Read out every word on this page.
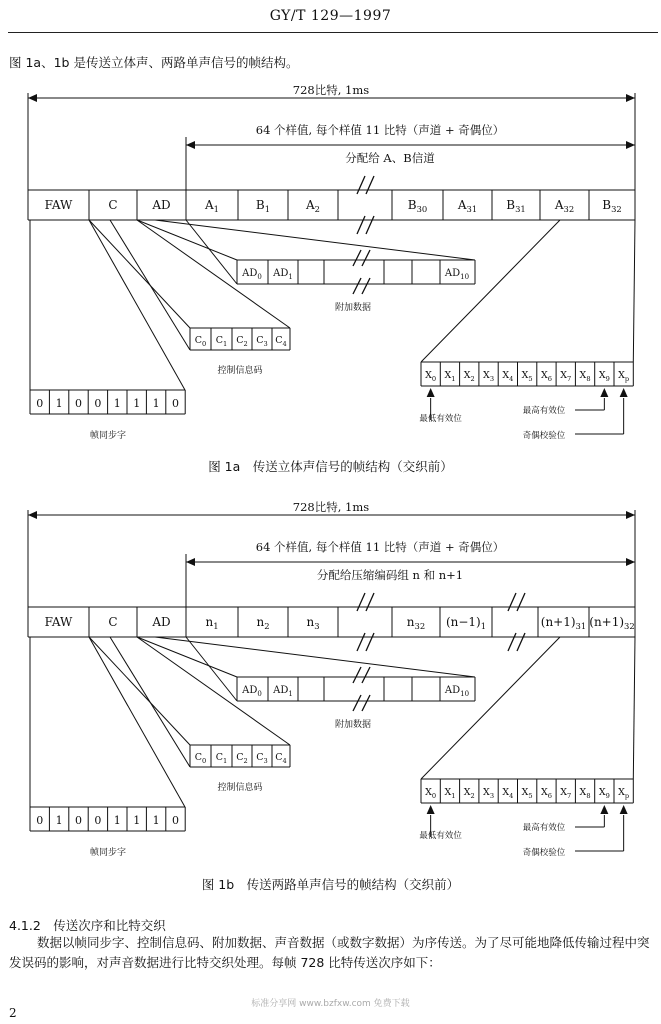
GY/T 129—1997
图 1a、1b 是传送立体声、两路单声信号的帧结构。
728比特, 1ms
64 个样值, 每个样值 11 比特（声道 + 奇偶位）
分配给 A、B信道
FAW	C	AD	$A_1$	$B_1$	$A_2$	$B_{30}$	$A_{31}$ $B_{31}$ $A_{32}$ $B_{32}$
$AD_0$ $AD_1$	$AD_{10}$
附加数据
$C_0$ $C_1$ $C_2$ $C_3$ $C_4$
控制信息码
0 1 0 0 1 1 1 0
帧同步字
$X_0$ $X_1$ $X_2$ $X_3$ $X_4$ $X_5$ $X_6$ $X_7$ $X_8$ $X_9$ $X_p$
最低有效位
最高有效位
奇偶校验位
图 1a　传送立体声信号的帧结构（交织前）
728比特, 1ms
64 个样值, 每个样值 11 比特（声道 + 奇偶位）
分配给压缩编码组 n 和 n+1
FAW	C	AD	$n_1$	$n_2$	$n_3$	$n_{32}$ $(n-1)_1$	$(n+1)_{31}$ $(n+1)_{32}$
$AD_0$ $AD_1$	$AD_{10}$
附加数据
$C_0$ $C_1$ $C_2$ $C_3$ $C_4$
控制信息码
0 1 0 0 1 1 1 0
帧同步字
$X_0$ $X_1$ $X_2$ $X_3$ $X_4$ $X_5$ $X_6$ $X_7$ $X_8$ $X_9$ $X_p$
最低有效位
最高有效位
奇偶校验位
图 1b　传送两路单声信号的帧结构（交织前）
4.1.2　传送次序和比特交织
数据以帧同步字、控制信息码、附加数据、声音数据（或数字数据）为序传送。为了尽可能地降低传输过程中突发误码的影响，对声音数据进行比特交织处理。每帧 728 比特传送次序如下：
标准分享网 www.bzfxw.com 免费下载
2
